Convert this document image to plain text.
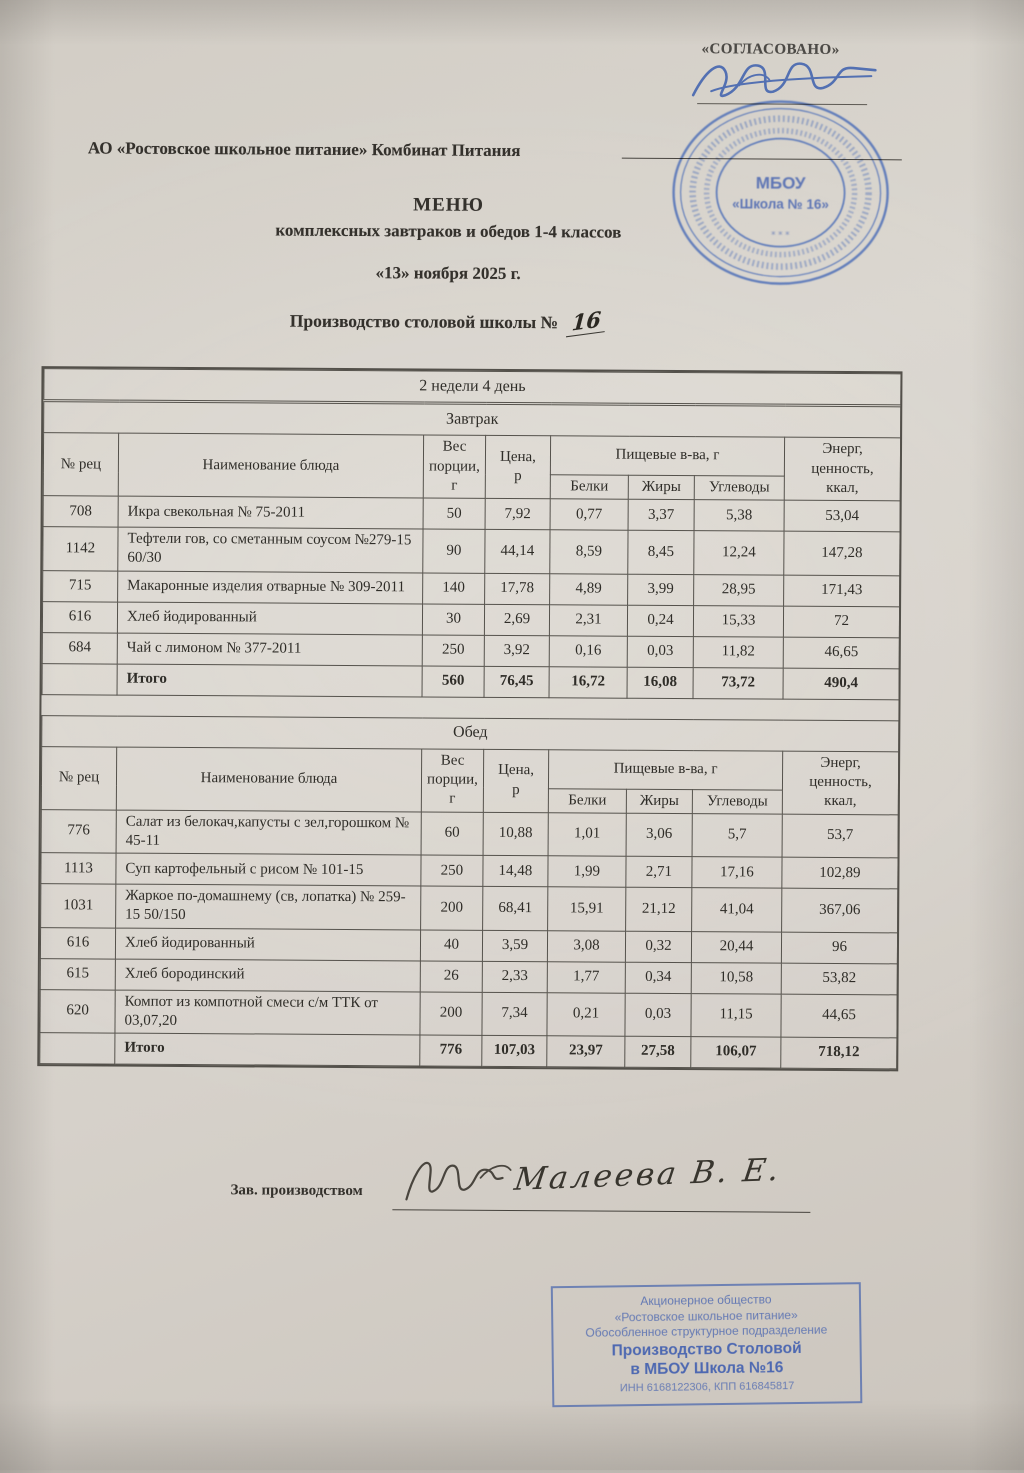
«СОГЛАСОВАНО»
МБОУ
«Школа № 16»
⁎ ⁎ ⁎
АО «Ростовское школьное питание» Комбинат Питания
МЕНЮ
комплексных завтраков и обедов 1-4 классов
«13» ноября 2025 г.
Производство столовой школы № 16
2 недели 4 день							
Завтрак							
№ рец	Наименование блюда	Вес
порции,
г	Цена,
р	Пищевые в-ва, г			Энерг,
ценность,
ккал,
				Белки	Жиры	Углеводы	
708	Икра свекольная № 75-2011	50	7,92	0,77	3,37	5,38	53,04
1142	Тефтели гов, со сметанным соусом №279-15 60/30	90	44,14	8,59	8,45	12,24	147,28
715	Макаронные изделия отварные № 309-2011	140	17,78	4,89	3,99	28,95	171,43
616	Хлеб йодированный	30	2,69	2,31	0,24	15,33	72
684	Чай с лимоном № 377-2011	250	3,92	0,16	0,03	11,82	46,65
	Итого	560	76,45	16,72	16,08	73,72	490,4
Обед							
№ рец	Наименование блюда	Вес
порции,
г	Цена,
р	Пищевые в-ва, г			Энерг,
ценность,
ккал,
				Белки	Жиры	Углеводы	
776	Салат из белокач,капусты с зел,горошком № 45-11	60	10,88	1,01	3,06	5,7	53,7
1113	Суп картофельный с рисом № 101-15	250	14,48	1,99	2,71	17,16	102,89
1031	Жаркое по-домашнему (св, лопатка) № 259-15 50/150	200	68,41	15,91	21,12	41,04	367,06
616	Хлеб йодированный	40	3,59	3,08	0,32	20,44	96
615	Хлеб бородинский	26	2,33	1,77	0,34	10,58	53,82
620	Компот из компотной смеси с/м ТТК от 03,07,20	200	7,34	0,21	0,03	11,15	44,65
	Итого	776	107,03	23,97	27,58	106,07	718,12
Зав. производством	Малеева В. Е.
Акционерное общество
«Ростовское школьное питание»
Обособленное структурное подразделение
Производство Столовой
в МБОУ Школа №16
ИНН 6168122306, КПП 616845817
